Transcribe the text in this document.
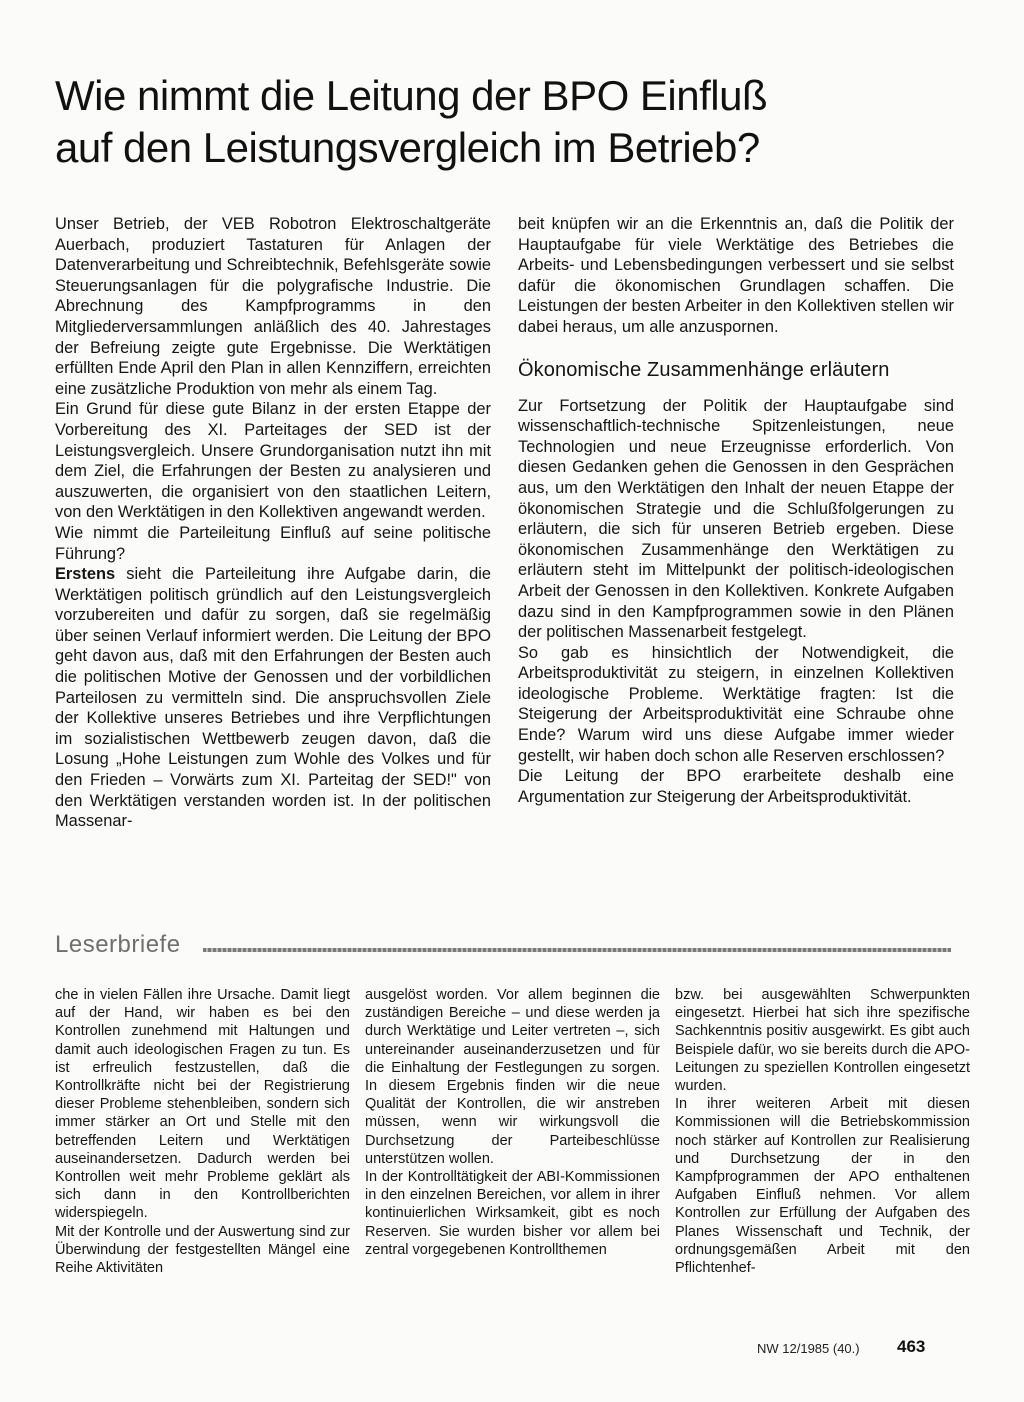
Wie nimmt die Leitung der BPO Einfluß
auf den Leistungsvergleich im Betrieb?

Unser Betrieb, der VEB Robotron Elektroschaltgeräte Auerbach, produziert Tastaturen für Anlagen der Datenverarbeitung und Schreibtechnik, Befehlsgeräte sowie Steuerungsanlagen für die polygrafische Industrie. Die Abrechnung des Kampfprogramms in den Mitgliederversammlungen anläßlich des 40. Jahrestages der Befreiung zeigte gute Ergebnisse. Die Werktätigen erfüllten Ende April den Plan in allen Kennziffern, erreichten eine zusätzliche Produktion von mehr als einem Tag.

Ein Grund für diese gute Bilanz in der ersten Etappe der Vorbereitung des XI. Parteitages der SED ist der Leistungsvergleich. Unsere Grundorganisation nutzt ihn mit dem Ziel, die Erfahrungen der Besten zu analysieren und auszuwerten, die organisiert von den staatlichen Leitern, von den Werktätigen in den Kollektiven angewandt werden.

Wie nimmt die Parteileitung Einfluß auf seine politische Führung?

Erstens sieht die Parteileitung ihre Aufgabe darin, die Werktätigen politisch gründlich auf den Leistungsvergleich vorzubereiten und dafür zu sorgen, daß sie regelmäßig über seinen Verlauf informiert werden. Die Leitung der BPO geht davon aus, daß mit den Erfahrungen der Besten auch die politischen Motive der Genossen und der vorbildlichen Parteilosen zu vermitteln sind. Die anspruchsvollen Ziele der Kollektive unseres Betriebes und ihre Verpflichtungen im sozialistischen Wettbewerb zeugen davon, daß die Losung „Hohe Leistungen zum Wohle des Volkes und für den Frieden – Vorwärts zum XI. Parteitag der SED!" von den Werktätigen verstanden worden ist. In der politischen Massenar-

beit knüpfen wir an die Erkenntnis an, daß die Politik der Hauptaufgabe für viele Werktätige des Betriebes die Arbeits- und Lebensbedingungen verbessert und sie selbst dafür die ökonomischen Grundlagen schaffen. Die Leistungen der besten Arbeiter in den Kollektiven stellen wir dabei heraus, um alle anzuspornen.

Ökonomische Zusammenhänge erläutern

Zur Fortsetzung der Politik der Hauptaufgabe sind wissenschaftlich-technische Spitzenleistungen, neue Technologien und neue Erzeugnisse erforderlich. Von diesen Gedanken gehen die Genossen in den Gesprächen aus, um den Werktätigen den Inhalt der neuen Etappe der ökonomischen Strategie und die Schlußfolgerungen zu erläutern, die sich für unseren Betrieb ergeben. Diese ökonomischen Zusammenhänge den Werktätigen zu erläutern steht im Mittelpunkt der politisch-ideologischen Arbeit der Genossen in den Kollektiven. Konkrete Aufgaben dazu sind in den Kampfprogrammen sowie in den Plänen der politischen Massenarbeit festgelegt.

So gab es hinsichtlich der Notwendigkeit, die Arbeitsproduktivität zu steigern, in einzelnen Kollektiven ideologische Probleme. Werktätige fragten: Ist die Steigerung der Arbeitsproduktivität eine Schraube ohne Ende? Warum wird uns diese Aufgabe immer wieder gestellt, wir haben doch schon alle Reserven erschlossen?

Die Leitung der BPO erarbeitete deshalb eine Argumentation zur Steigerung der Arbeitsproduktivität.

Leserbriefe

che in vielen Fällen ihre Ursache. Damit liegt auf der Hand, wir haben es bei den Kontrollen zunehmend mit Haltungen und damit auch ideologischen Fragen zu tun. Es ist erfreulich festzustellen, daß die Kontrollkräfte nicht bei der Registrierung dieser Probleme stehenbleiben, sondern sich immer stärker an Ort und Stelle mit den betreffenden Leitern und Werktätigen auseinandersetzen. Dadurch werden bei Kontrollen weit mehr Probleme geklärt als sich dann in den Kontrollberichten widerspiegeln.

Mit der Kontrolle und der Auswertung sind zur Überwindung der festgestellten Mängel eine Reihe Aktivitäten

ausgelöst worden. Vor allem beginnen die zuständigen Bereiche – und diese werden ja durch Werktätige und Leiter vertreten –, sich untereinander auseinanderzusetzen und für die Einhaltung der Festlegungen zu sorgen. In diesem Ergebnis finden wir die neue Qualität der Kontrollen, die wir anstreben müssen, wenn wir wirkungsvoll die Durchsetzung der Parteibeschlüsse unterstützen wollen.

In der Kontrolltätigkeit der ABI-Kommissionen in den einzelnen Bereichen, vor allem in ihrer kontinuierlichen Wirksamkeit, gibt es noch Reserven. Sie wurden bisher vor allem bei zentral vorgegebenen Kontrollthemen

bzw. bei ausgewählten Schwerpunkten eingesetzt. Hierbei hat sich ihre spezifische Sachkenntnis positiv ausgewirkt. Es gibt auch Beispiele dafür, wo sie bereits durch die APO-Leitungen zu speziellen Kontrollen eingesetzt wurden.

In ihrer weiteren Arbeit mit diesen Kommissionen will die Betriebskommission noch stärker auf Kontrollen zur Realisierung und Durchsetzung der in den Kampfprogrammen der APO enthaltenen Aufgaben Einfluß nehmen. Vor allem Kontrollen zur Erfüllung der Aufgaben des Planes Wissenschaft und Technik, der ordnungsgemäßen Arbeit mit den Pflichtenhef-

NW 12/1985 (40.) 463
